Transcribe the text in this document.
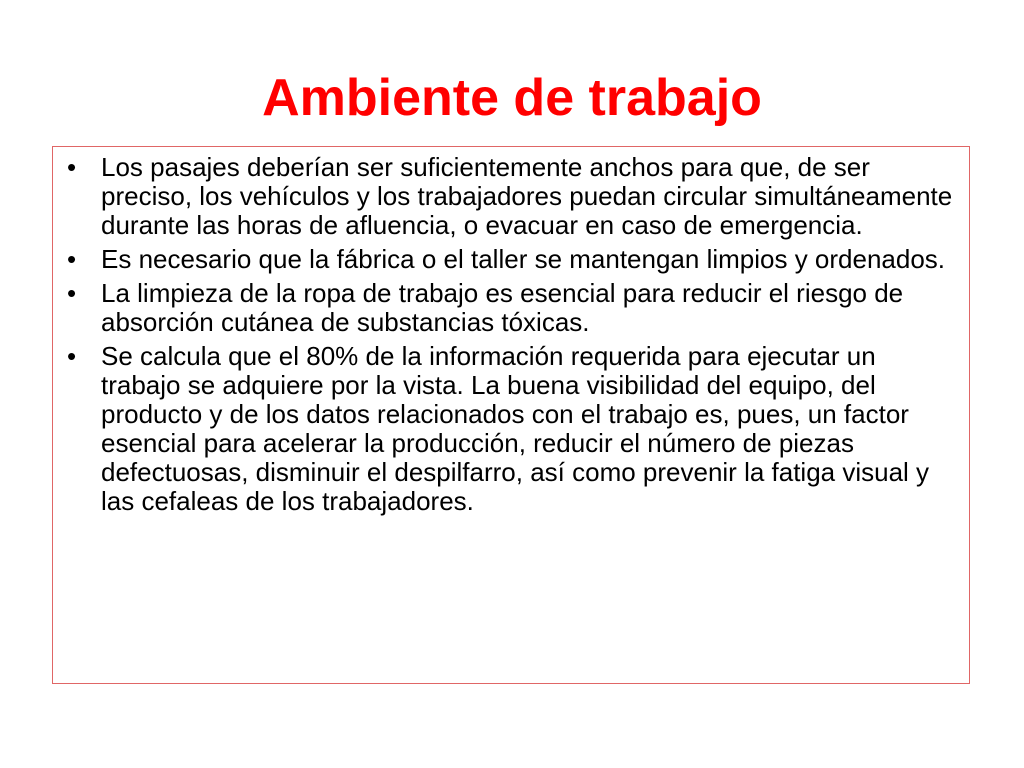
Ambiente de trabajo
• Los pasajes deberían ser suficientemente anchos para que, de ser preciso, los vehículos y los trabajadores puedan circular simultáneamente durante las horas de afluencia, o evacuar en caso de emergencia.
• Es necesario que la fábrica o el taller se mantengan limpios y ordenados.
• La limpieza de la ropa de trabajo es esencial para reducir el riesgo de absorción cutánea de substancias tóxicas.
• Se calcula que el 80% de la información requerida para ejecutar un trabajo se adquiere por la vista. La buena visibilidad del equipo, del producto y de los datos relacionados con el trabajo es, pues, un factor esencial para acelerar la producción, reducir el número de piezas defectuosas, disminuir el despilfarro, así como prevenir la fatiga visual y las cefaleas de los trabajadores.
